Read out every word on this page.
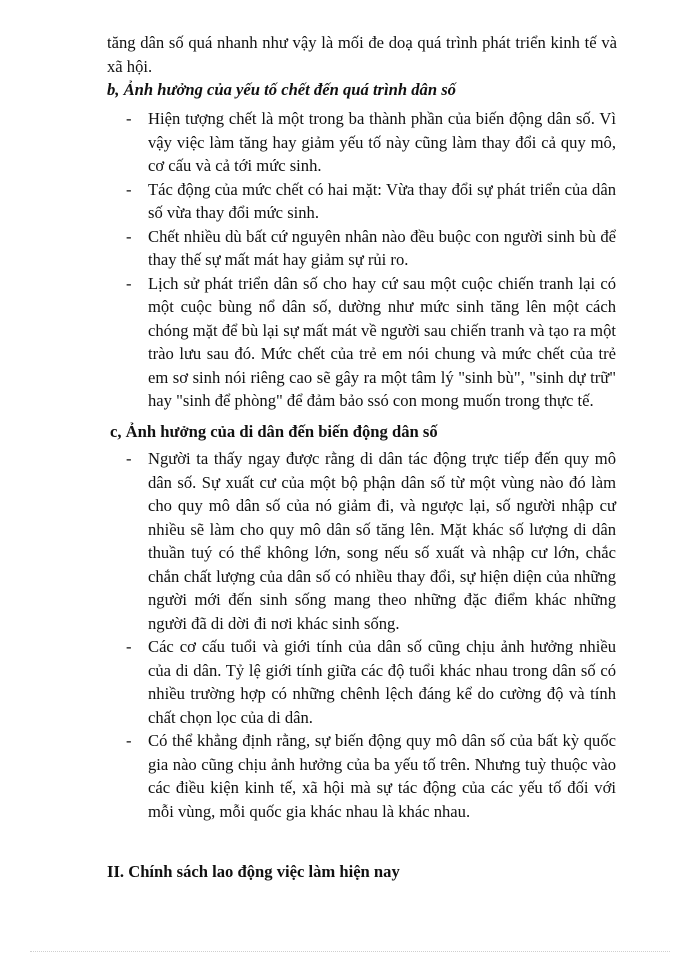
tăng dân số quá nhanh như vậy là mối đe doạ quá trình phát triển kinh tế và xã hội.

b, Ảnh hưởng của yếu tố chết đến quá trình dân số
- Hiện tượng chết là một trong ba thành phần của biến động dân số. Vì vậy việc làm tăng hay giảm yếu tố này cũng làm thay đổi cả quy mô, cơ cấu và cả tới mức sinh.
- Tác động của mức chết có hai mặt: Vừa thay đổi sự phát triển của dân số vừa thay đổi mức sinh.
- Chết nhiều dù bất cứ nguyên nhân nào đều buộc con người sinh bù để thay thế sự mất mát hay giảm sự rủi ro.
- Lịch sử phát triển dân số cho hay cứ sau một cuộc chiến tranh lại có một cuộc bùng nổ dân số, dường như mức sinh tăng lên một cách chóng mặt để bù lại sự mất mát về người sau chiến tranh và tạo ra một trào lưu sau đó. Mức chết của trẻ em nói chung và mức chết của trẻ em sơ sinh nói riêng cao sẽ gây ra một tâm lý "sinh bù", "sinh dự trữ" hay "sinh để phòng" để đảm bảo ssó con mong muốn trong thực tế.
c, Ảnh hưởng của di dân đến biến động dân số
- Người ta thấy ngay được rằng di dân tác động trực tiếp đến quy mô dân số. Sự xuất cư của một bộ phận dân số từ một vùng nào đó làm cho quy mô dân số của nó giảm đi, và ngược lại, số người nhập cư nhiều sẽ làm cho quy mô dân số tăng lên. Mặt khác số lượng di dân thuần tuý có thể không lớn, song nếu số xuất và nhập cư lớn, chắc chắn chất lượng của dân số có nhiều thay đổi, sự hiện diện của những người mới đến sinh sống mang theo những đặc điểm khác những người đã di dời đi nơi khác sinh sống.
- Các cơ cấu tuổi và giới tính của dân số cũng chịu ảnh hưởng nhiều của di dân. Tỷ lệ giới tính giữa các độ tuổi khác nhau trong dân số có nhiều trường hợp có những chênh lệch đáng kể do cường độ và tính chất chọn lọc của di dân.
- Có thể khẳng định rằng, sự biến động quy mô dân số của bất kỳ quốc gia nào cũng chịu ảnh hưởng của ba yếu tố trên. Nhưng tuỳ thuộc vào các điều kiện kinh tế, xã hội mà sự tác động của các yếu tố đối với mỗi vùng, mỗi quốc gia khác nhau là khác nhau.
II. Chính sách lao động việc làm hiện nay
